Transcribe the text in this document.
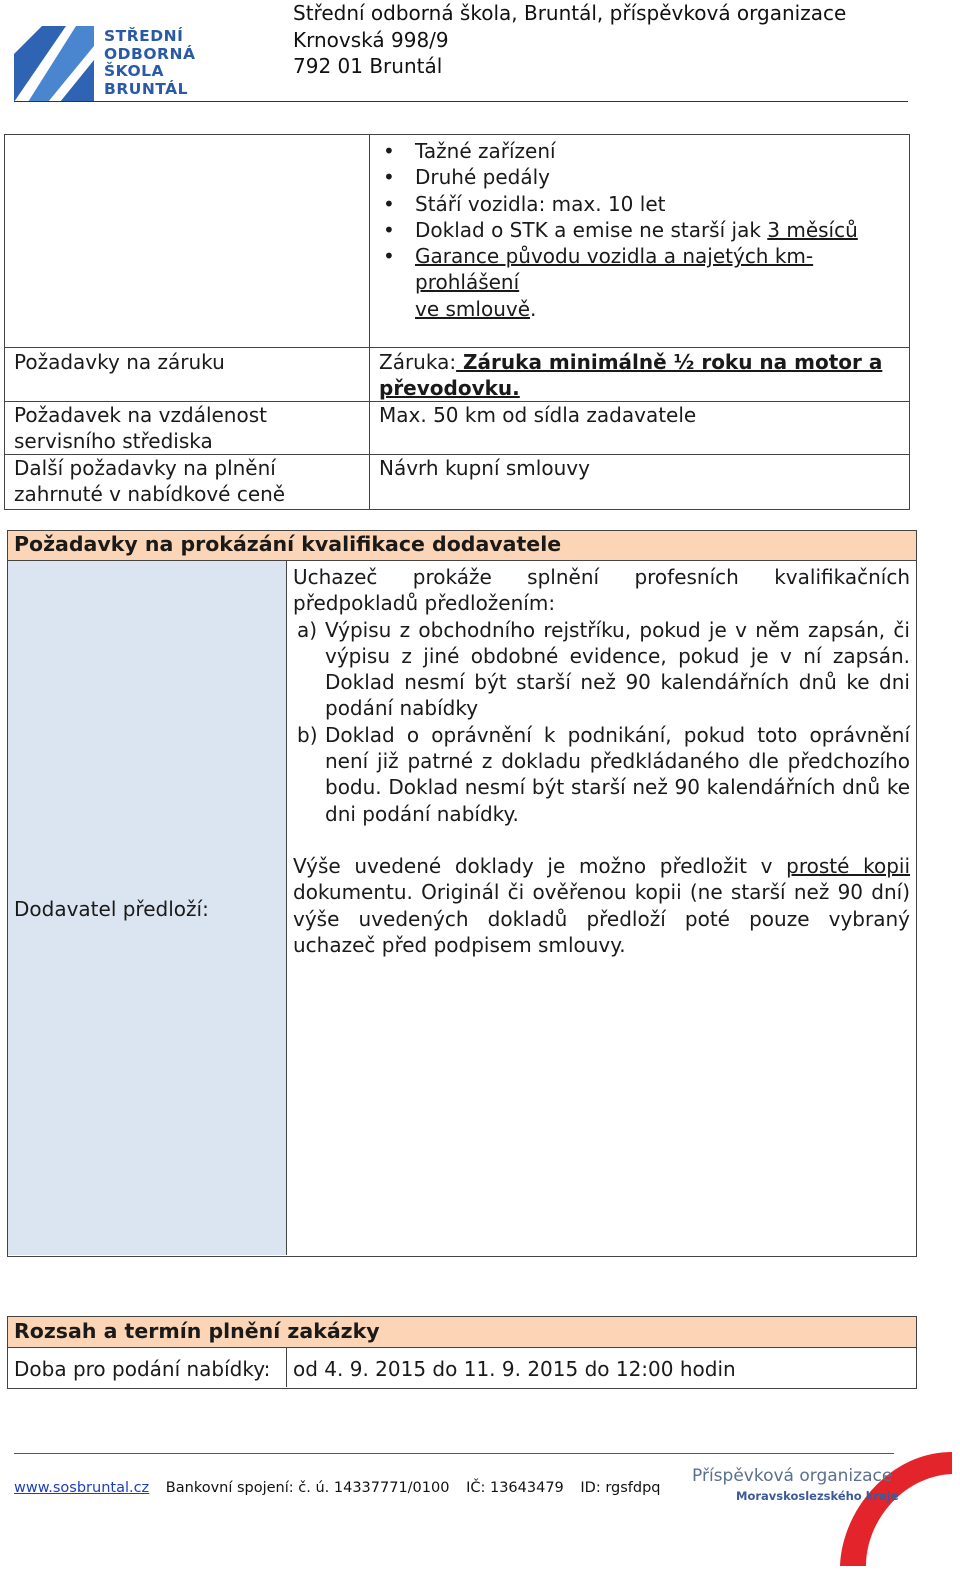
STŘEDNÍ
ODBORNÁ
ŠKOLA
BRUNTÁL
Střední odborná škola, Bruntál, příspěvková organizace
Krnovská 998/9
792 01 Bruntál
• Tažné zařízení
• Druhé pedály
• Stáří vozidla: max. 10 let
• Doklad o STK a emise ne starší jak 3 měsíců
• Garance původu vozidla a najetých km-prohlášení
ve smlouvě.
Požadavky na záruku	Záruka: Záruka minimálně ½ roku na motor a převodovku.
Požadavek na vzdálenost servisního střediska
Max. 50 km od sídla zadavatele
Další požadavky na plnění zahrnuté v nabídkové ceně
Návrh kupní smlouvy
Požadavky na prokázání kvalifikace dodavatele
Dodavatel předloží:
Uchazeč prokáže splnění profesních kvalifikačních předpokladů předložením:
a) Výpisu z obchodního rejstříku, pokud je v něm zapsán, či výpisu z jiné obdobné evidence, pokud je v ní zapsán. Doklad nesmí být starší než 90 kalendářních dnů ke dni podání nabídky
b) Doklad o oprávnění k podnikání, pokud toto oprávnění není již patrné z dokladu předkládaného dle předchozího bodu. Doklad nesmí být starší než 90 kalendářních dnů ke dni podání nabídky.
Výše uvedené doklady je možno předložit v prosté kopii dokumentu. Originál či ověřenou kopii (ne starší než 90 dní) výše uvedených dokladů předloží poté pouze vybraný uchazeč před podpisem smlouvy.
Rozsah a termín plnění zakázky
Doba pro podání nabídky: od 4. 9. 2015 do 11. 9. 2015 do 12:00 hodin
www.sosbruntal.cz Bankovní spojení: č. ú. 14337771/0100 IČ: 13643479 ID: rgsfdpq
Příspěvková organizace
Moravskoslezského kraje
